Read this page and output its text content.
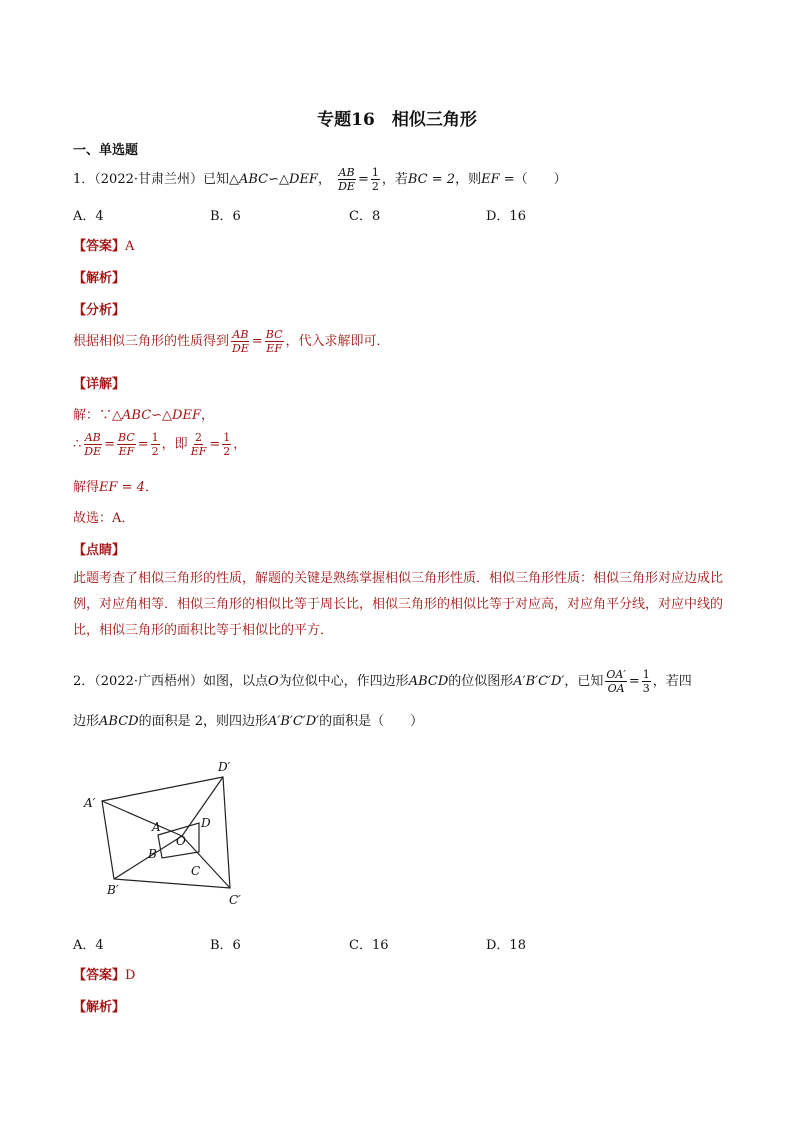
专题16　相似三角形
一、单选题
1．（2022·甘肃兰州）已知△ABC∽△DEF， $\frac{AB}{DE} = \frac{1}{2}$ ，若BC = 2，则EF =（　　）
A．4	B．6	C．8	D．16
【答案】A
【解析】
【分析】
根据相似三角形的性质得到 $\frac{AB}{DE} = \frac{BC}{EF}$ ，代入求解即可．
【详解】
解：∵△ABC∽△DEF，
∴ $\frac{AB}{DE} = \frac{BC}{EF} = \frac{1}{2}$ ，即 $\frac{2}{EF} = \frac{1}{2}$ ，
解得EF = 4．
故选：A．
【点睛】
此题考查了相似三角形的性质，解题的关键是熟练掌握相似三角形性质．相似三角形性质：相似三角形对应边成比例，对应角相等．相似三角形的相似比等于周长比，相似三角形的相似比等于对应高，对应角平分线，对应中线的比，相似三角形的面积比等于相似比的平方．
2．（2022·广西梧州）如图，以点O为位似中心，作四边形ABCD的位似图形A′B′C′D′，已知 $\frac{OA'}{OA} = \frac{1}{3}$ ，若四
边形ABCD的面积是 2，则四边形A′B′C′D′的面积是（　　）
A′
D′
C′
B′
A	D
C
B
O
A．4	B．6	C．16	D．18
【答案】D
【解析】
